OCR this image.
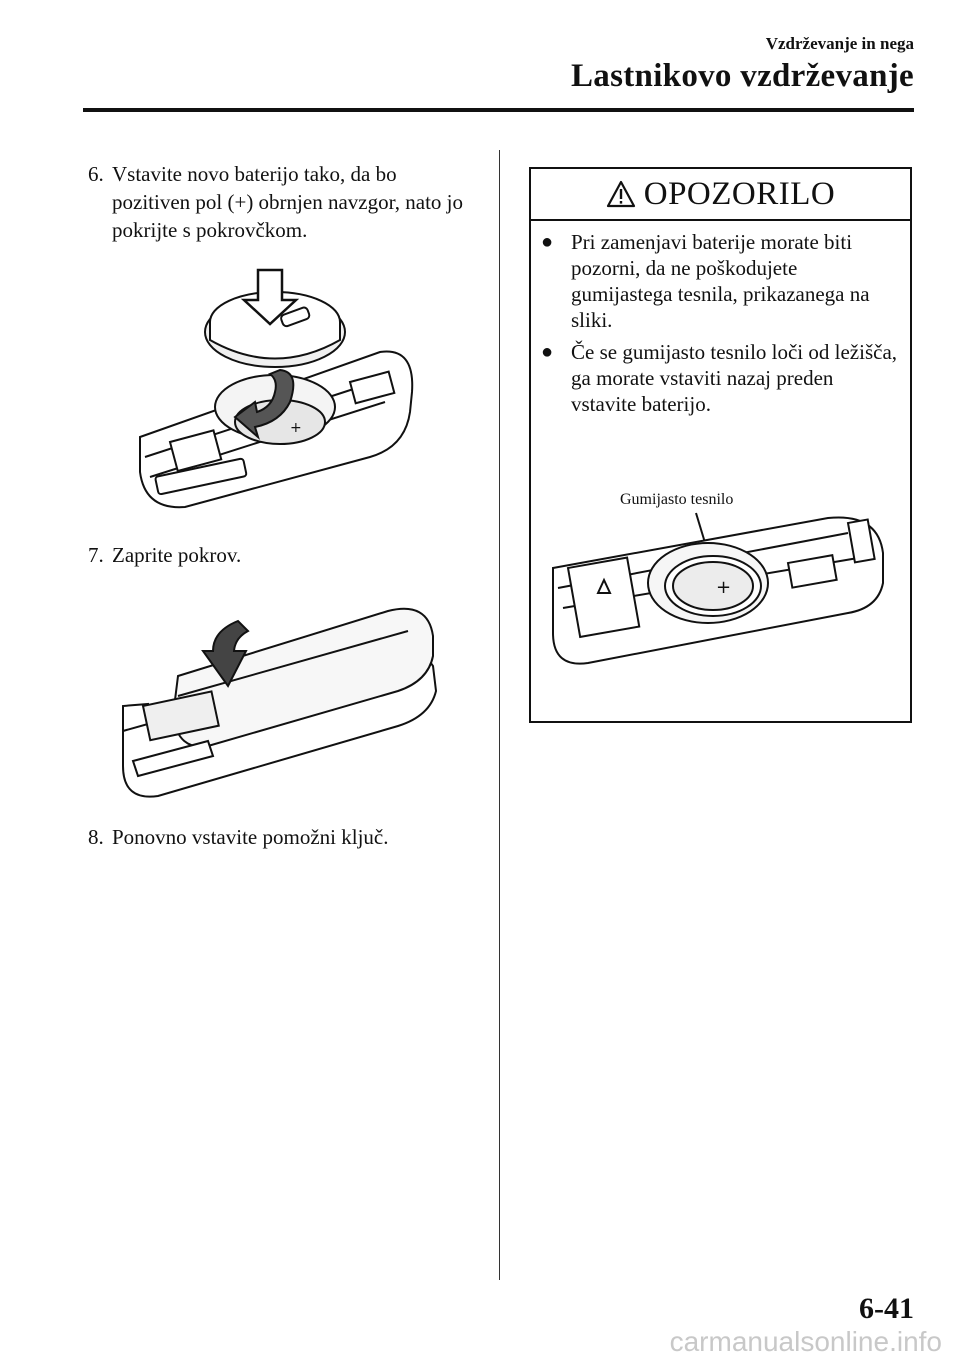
Vzdrževanje in nega
Lastnikovo vzdrževanje
6. Vstavite novo baterijo tako, da bo pozitiven pol (+) obrnjen navzgor, nato jo pokrijte s pokrovčkom.
+
7. Zaprite pokrov.
8. Ponovno vstavite pomožni ključ.
OPOZORILO
● Pri zamenjavi baterije morate biti pozorni, da ne poškodujete gumijastega tesnila, prikazanega na sliki.
● Če se gumijasto tesnilo loči od ležišča, ga morate vstaviti nazaj preden vstavite baterijo.
Gumijasto tesnilo
+
6-41
carmanualsonline.info
